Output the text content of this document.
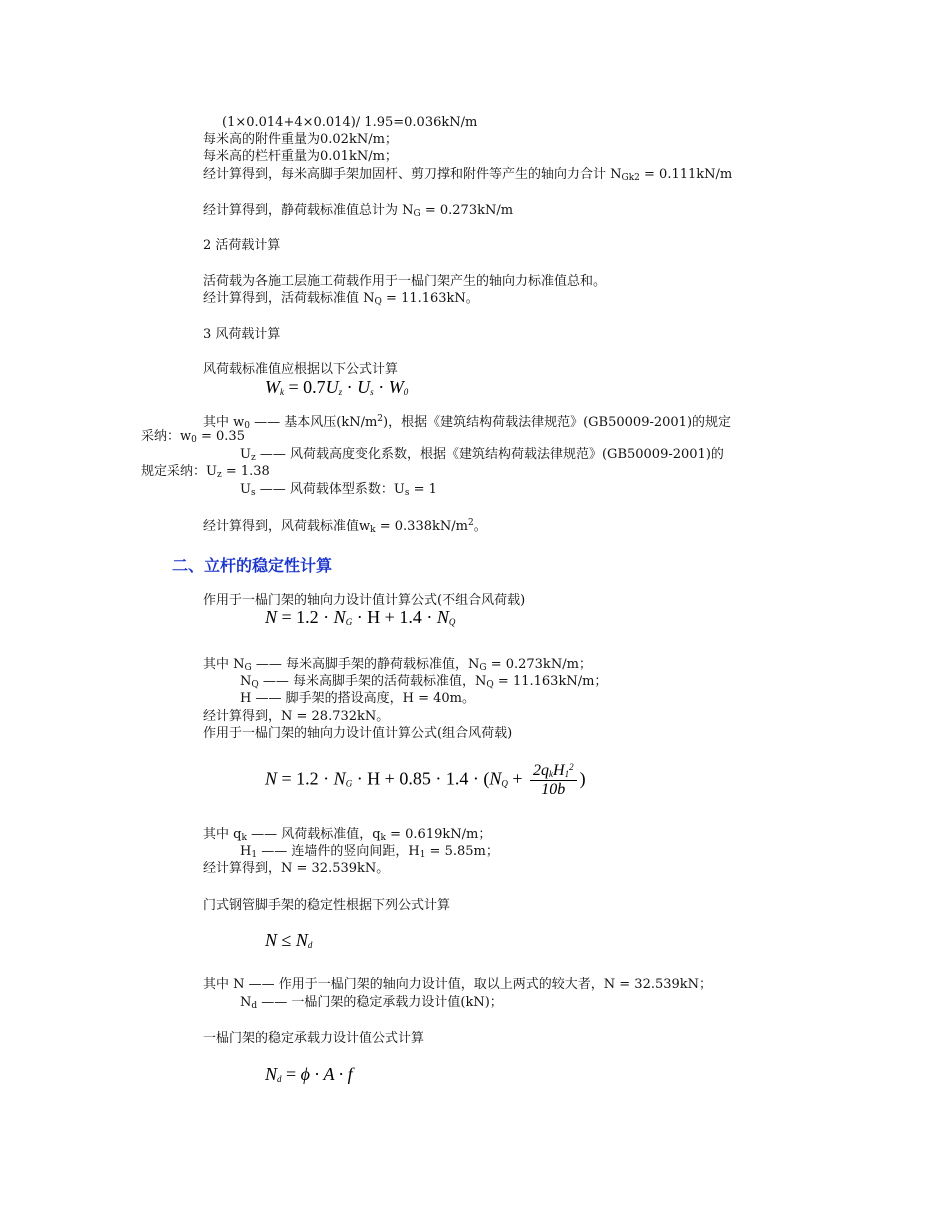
(1×0.014+4×0.014)/ 1.95=0.036kN/m
每米高的附件重量为0.02kN/m；
每米高的栏杆重量为0.01kN/m；
经计算得到，每米高脚手架加固杆、剪刀撑和附件等产生的轴向力合计 $N_{Gk2} = 0.111kN/m$
经计算得到，静荷载标准值总计为 $N_G = 0.273kN/m$
2 活荷载计算
活荷载为各施工层施工荷载作用于一榀门架产生的轴向力标准值总和。
经计算得到，活荷载标准值 $N_Q = 11.163kN$。
3 风荷载计算
风荷载标准值应根据以下公式计算
$W_k = 0.7U_z \cdot U_s \cdot W_0$
其中 $w_0$ —— 基本风压$(kN/m^2)$，根据《建筑结构荷载法律规范》(GB50009-2001)的规定
采纳：$w_0 = 0.35$
$U_z$ —— 风荷载高度变化系数，根据《建筑结构荷载法律规范》(GB50009-2001)的
规定采纳：$U_z = 1.38$
$U_s$ —— 风荷载体型系数：$U_s = 1$
经计算得到，风荷载标准值$w_k = 0.338kN/m^2$。
二、立杆的稳定性计算
作用于一榀门架的轴向力设计值计算公式(不组合风荷载)
$N = 1.2 \cdot N_G \cdot H + 1.4 \cdot N_Q$
其中 $N_G$ —— 每米高脚手架的静荷载标准值，$N_G = 0.273kN/m$；
$N_Q$ —— 每米高脚手架的活荷载标准值，$N_Q = 11.163kN/m$；
H —— 脚手架的搭设高度，H = 40m。
经计算得到，N = 28.732kN。
作用于一榀门架的轴向力设计值计算公式(组合风荷载)
$N = 1.2 \cdot N_G \cdot H + 0.85 \cdot 1.4 \cdot (N_Q + \frac{2q_kH_1^2}{10b}$ )
其中 $q_k$ —— 风荷载标准值，$q_k = 0.619kN/m$；
$H_1$ —— 连墙件的竖向间距，$H_1 = 5.85m$；
经计算得到，N = 32.539kN。
门式钢管脚手架的稳定性根据下列公式计算
$N \le N_d$
其中 N —— 作用于一榀门架的轴向力设计值，取以上两式的较大者，N = 32.539kN；
$N_d$ —— 一榀门架的稳定承载力设计值(kN)；
一榀门架的稳定承载力设计值公式计算
$N_d = \phi \cdot A \cdot f$
